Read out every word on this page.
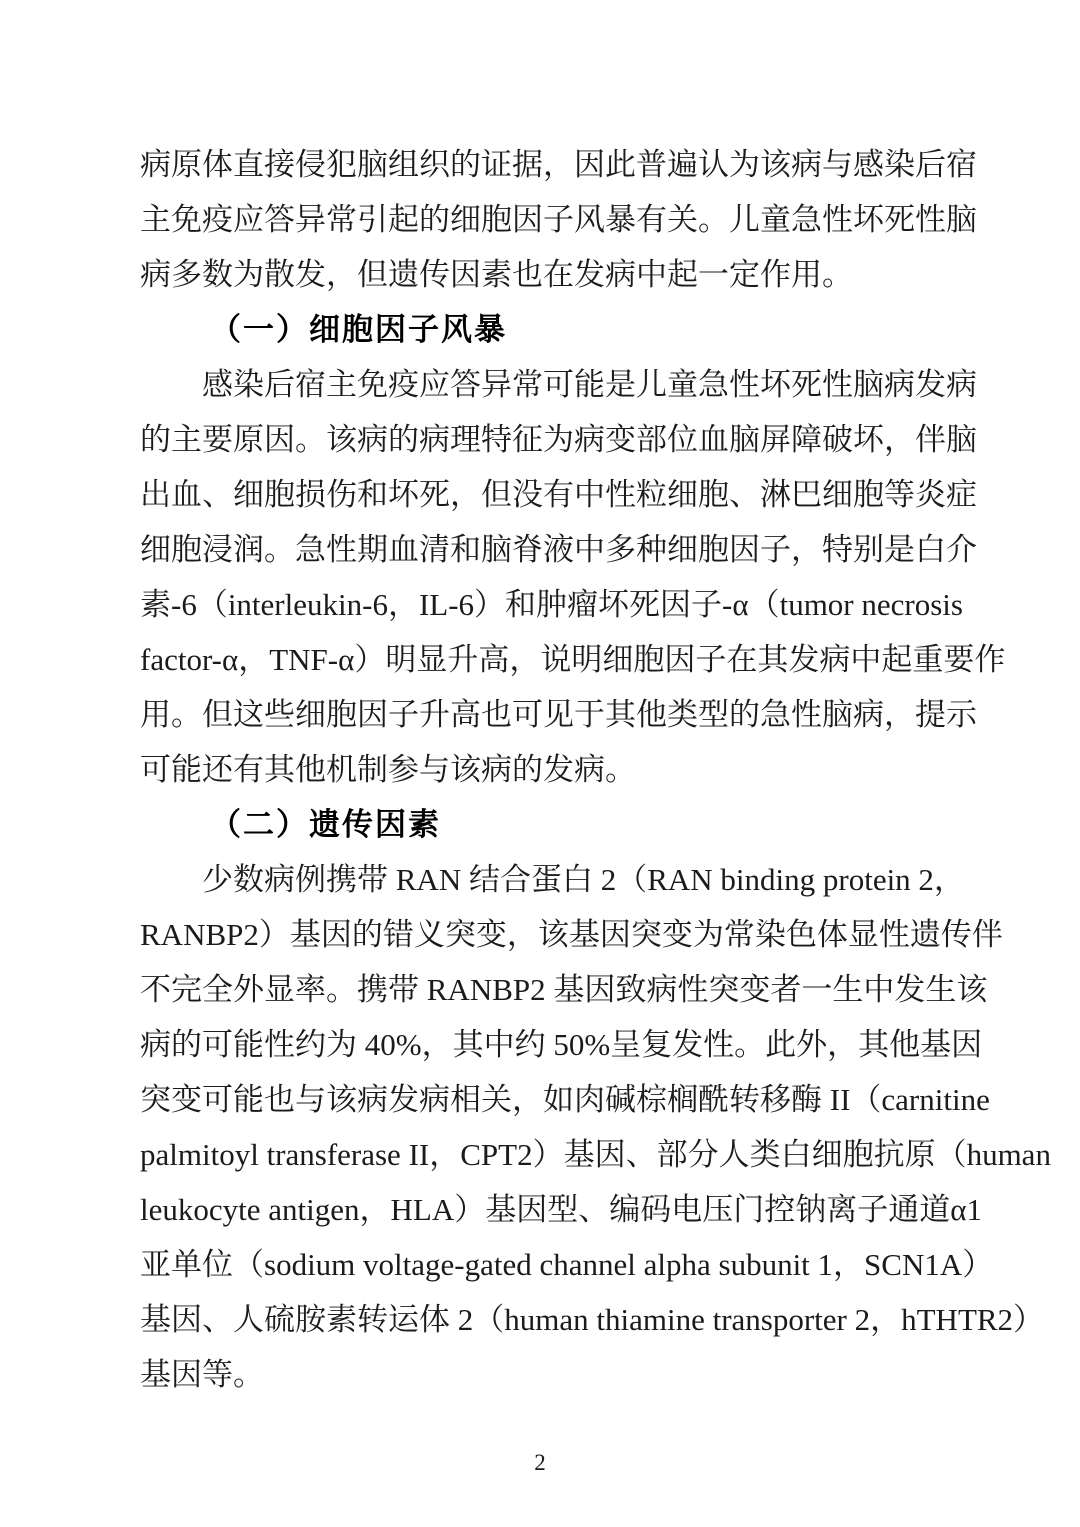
病原体直接侵犯脑组织的证据，因此普遍认为该病与感染后宿
主免疫应答异常引起的细胞因子风暴有关。儿童急性坏死性脑
病多数为散发，但遗传因素也在发病中起一定作用。
（一）细胞因子风暴
感染后宿主免疫应答异常可能是儿童急性坏死性脑病发病
的主要原因。该病的病理特征为病变部位血脑屏障破坏，伴脑
出血、细胞损伤和坏死，但没有中性粒细胞、淋巴细胞等炎症
细胞浸润。急性期血清和脑脊液中多种细胞因子，特别是白介
素-6（interleukin-6，IL-6）和肿瘤坏死因子-α（tumor necrosis
factor-α，TNF-α）明显升高，说明细胞因子在其发病中起重要作
用。但这些细胞因子升高也可见于其他类型的急性脑病，提示
可能还有其他机制参与该病的发病。
（二）遗传因素
少数病例携带 RAN 结合蛋白 2（RAN binding protein 2，
RANBP2）基因的错义突变，该基因突变为常染色体显性遗传伴
不完全外显率。携带 RANBP2 基因致病性突变者一生中发生该
病的可能性约为 40%，其中约 50%呈复发性。此外，其他基因
突变可能也与该病发病相关，如肉碱棕榈酰转移酶 II（carnitine
palmitoyl transferase II，CPT2）基因、部分人类白细胞抗原（human
leukocyte antigen，HLA）基因型、编码电压门控钠离子通道α1
亚单位（sodium voltage-gated channel alpha subunit 1，SCN1A）
基因、人硫胺素转运体 2（human thiamine transporter 2，hTHTR2）
基因等。
2
